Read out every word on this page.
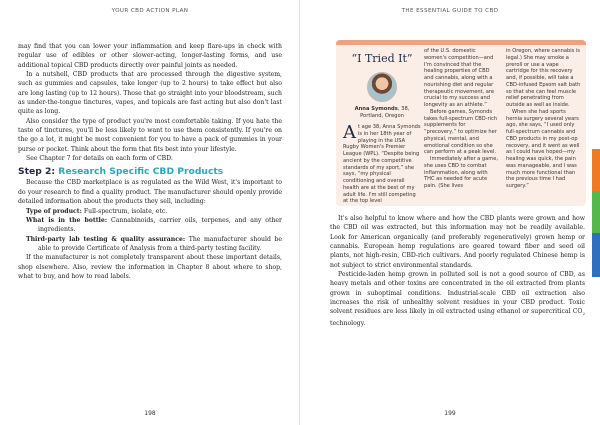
YOUR CBD ACTION PLAN

may find that you can lower your inflammation and keep flare-ups in check with regular use of edibles or other slower-acting, longer-lasting forms, and use additional topical CBD products directly over painful joints as needed.

In a nutshell, CBD products that are processed through the digestive system, such as gummies and capsules, take longer (up to 2 hours) to take effect but also are long lasting (up to 12 hours). Those that go straight into your bloodstream, such as under-the-tongue tinctures, vapes, and topicals are fast acting but also don't last quite as long.

Also consider the type of product you're most comfortable taking. If you hate the taste of tinctures, you'll be less likely to want to use them consistently. If you're on the go a lot, it might be most convenient for you to have a pack of gummies in your purse or pocket. Think about the form that fits best into your lifestyle.

See Chapter 7 for details on each form of CBD.

Step 2: Research Specific CBD Products

Because the CBD marketplace is as regulated as the Wild West, it's important to do your research to find a quality product. The manufacturer should openly provide detailed information about the products they sell, including:

Type of product: Full-spectrum, isolate, etc.

What is in the bottle: Cannabinoids, carrier oils, terpenes, and any other ingredients.

Third-party lab testing & quality assurance: The manufacturer should be able to provide Certificate of Analysis from a third-party testing facility.

If the manufacturer is not completely transparent about these important details, shop elsewhere. Also, review the information in Chapter 8 about where to shop, what to buy, and how to read labels.

198
THE ESSENTIAL GUIDE TO CBD
199
“I Tried It”
Anna Symonds, 38, Portland, Oregon

At age 38, Anna Symonds is in her 18th year of playing in the USA Rugby Women's Premier League (WPL). “Despite being ancient by the competitive standards of my sport,” she says, “my physical conditioning and overall health are at the best of my adult life. I'm still competing at the top level

of the U.S. domestic women's competition—and I'm convinced that the healing properties of CBD and cannabis, along with a nourishing diet and regular therapeutic movement, are crucial to my success and longevity as an athlete.”

Before games, Symonds takes full-spectrum CBD-rich supplements for “precovery,” to optimize her physical, mental, and emotional condition so she can perform at a peak level.

Immediately after a game, she uses CBD to combat inflammation, along with THC as needed for acute pain. (She lives

in Oregon, where cannabis is legal.) She may smoke a preroll or use a vape cartridge for this recovery and, if possible, will take a CBD-infused Epsom salt bath so that she can feel muscle relief penetrating from outside as well as inside.

When she had sports hernia surgery several years ago, she says, “I used only full-spectrum cannabis and CBD products in my post-op recovery, and it went as well as I could have hoped—my healing was quick, the pain was manageable, and I was much more functional than the previous time I had surgery.”

It's also helpful to know where and how the CBD plants were grown and how the CBD oil was extracted, but this information may not be readily available. Look for American organically (and preferably regeneratively) grown hemp or cannabis. European hemp regulations are geared toward fiber and seed oil plants, not high-resin, CBD-rich cultivars. And poorly regulated Chinese hemp is not subject to strict environmental standards.

Pesticide-laden hemp grown in polluted soil is not a good source of CBD, as heavy metals and other toxins are concentrated in the oil extracted from plants grown in suboptimal conditions. Industrial-scale CBD oil extraction also increases the risk of unhealthy solvent residues in your CBD product. Toxic solvent residues are less likely in oil extracted using ethanol or supercritical $CO_2$ technology.
